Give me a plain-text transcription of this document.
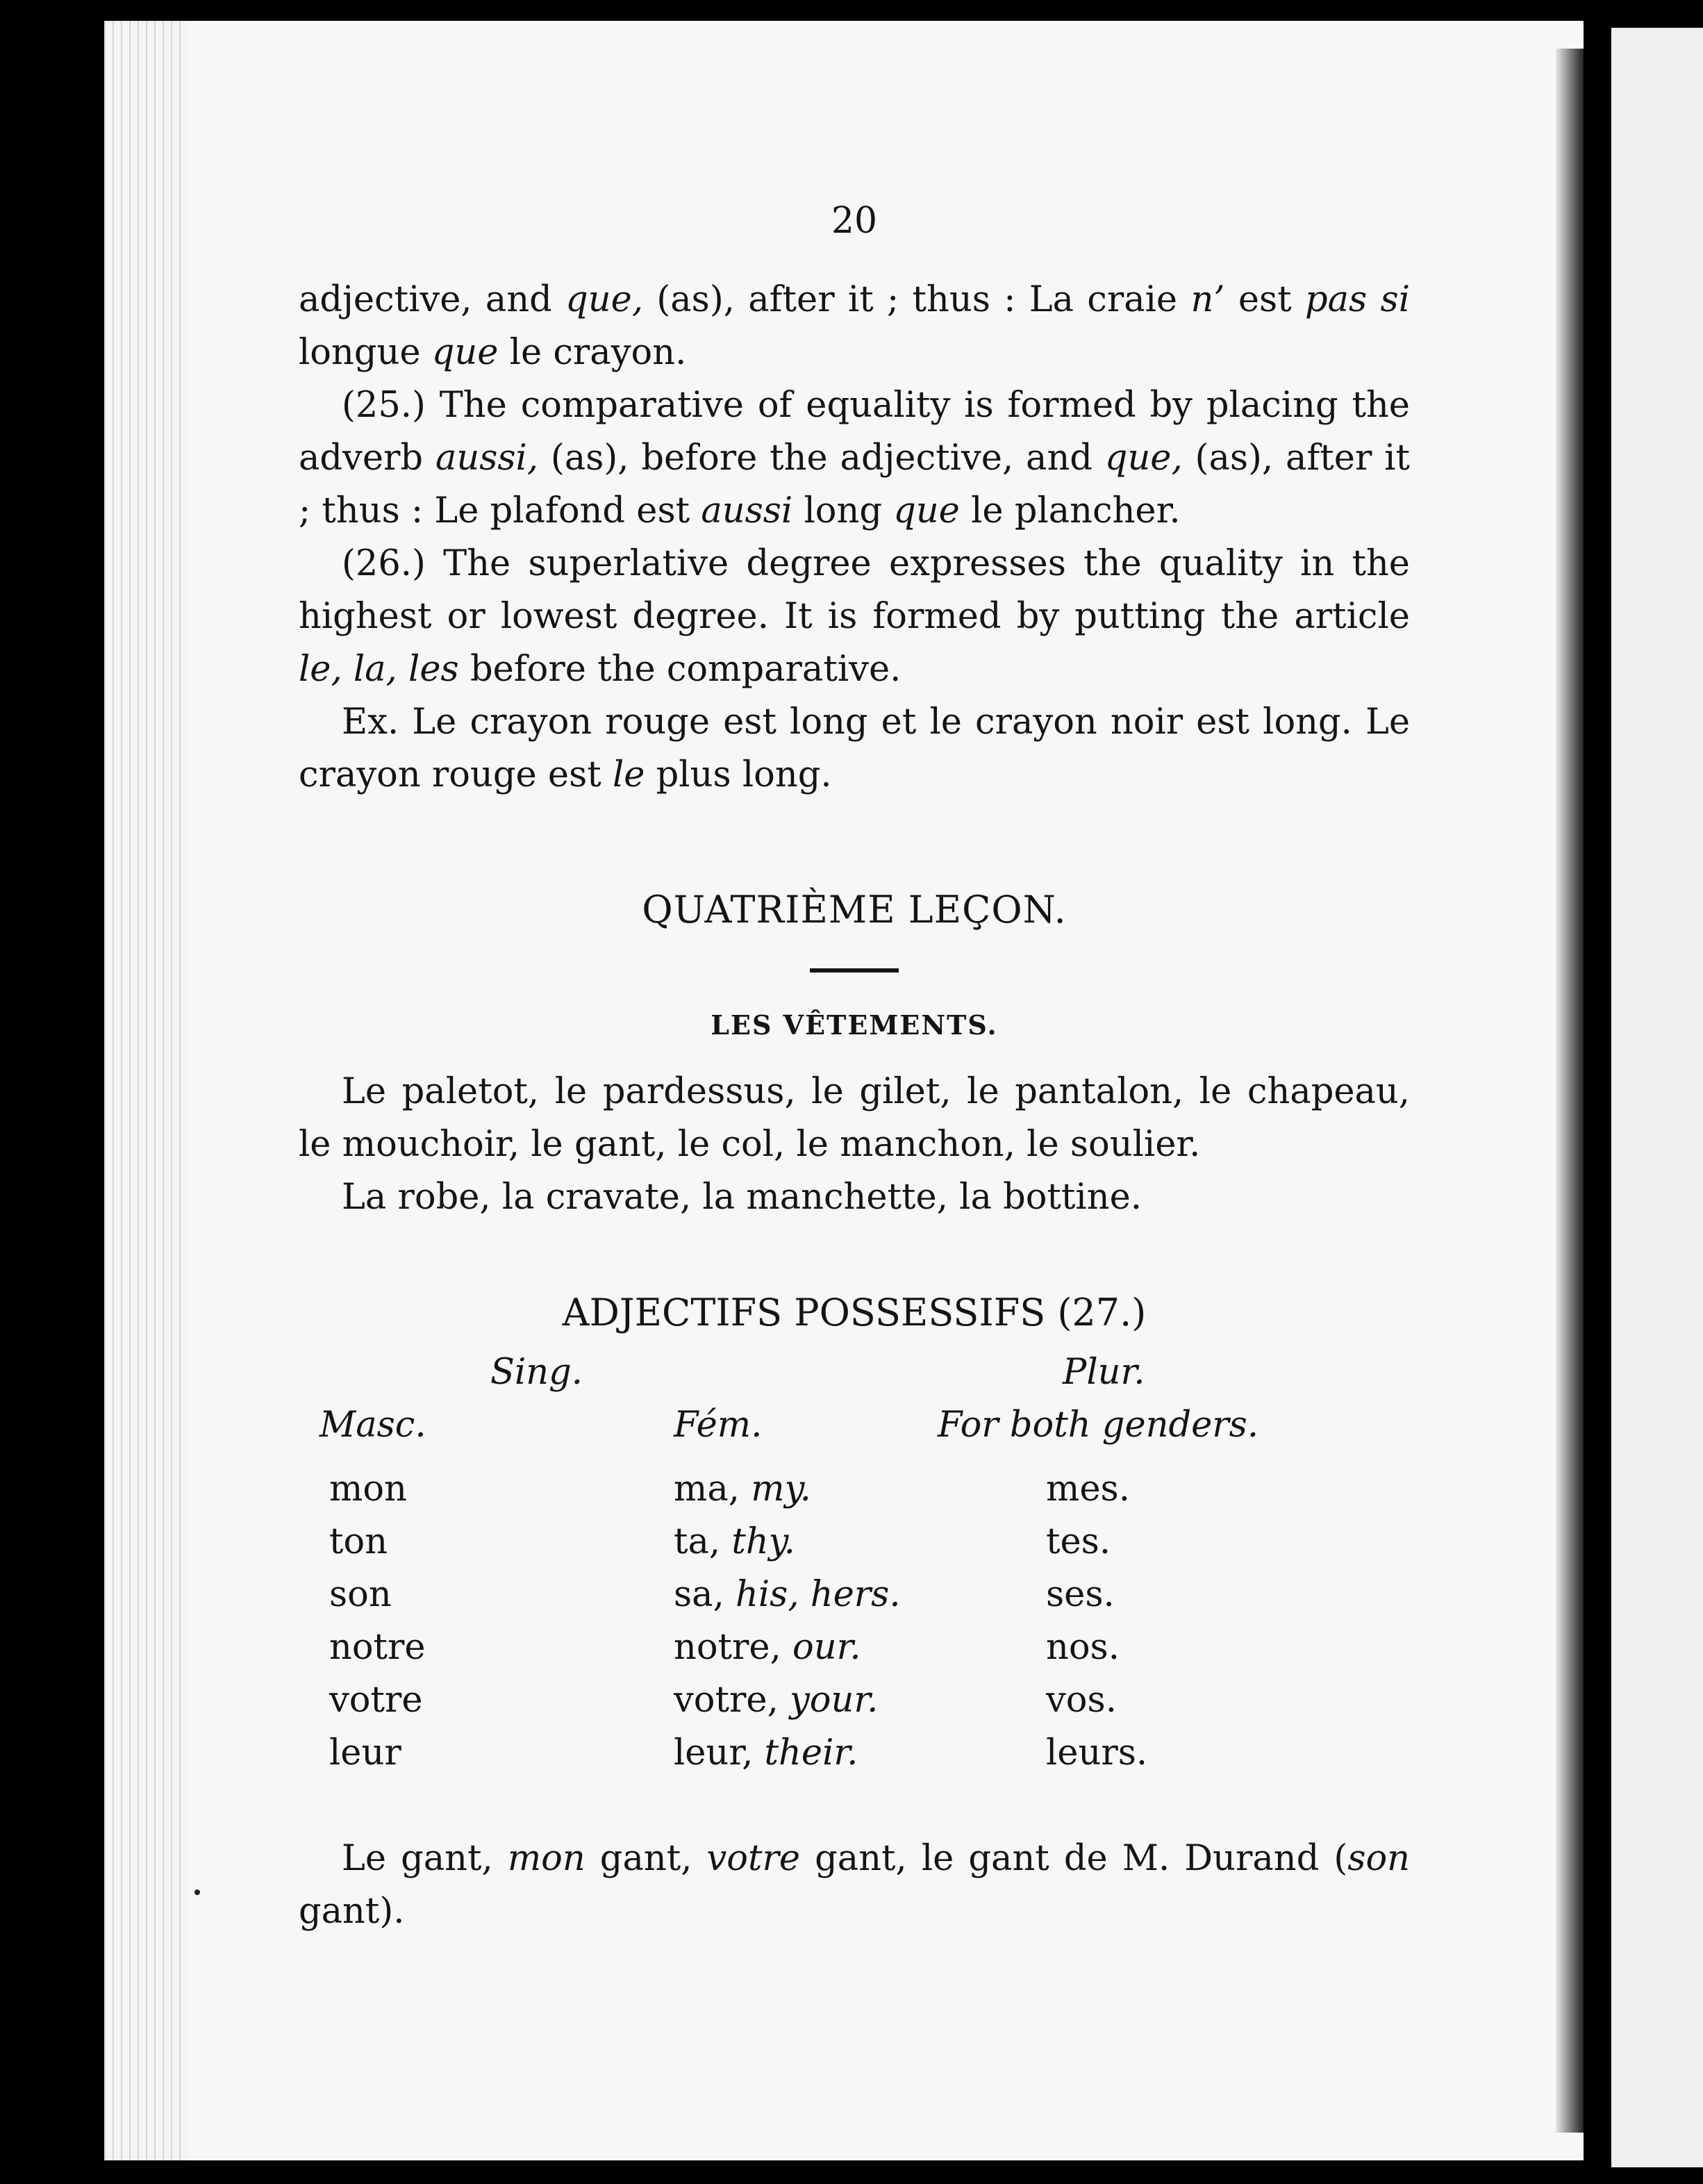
20

adjective, and que, (as), after it ; thus : La craie n’ est pas si longue que le crayon.

(25.) The comparative of equality is formed by placing the adverb aussi, (as), before the adjective, and que, (as), after it ; thus : Le plafond est aussi long que le plancher.

(26.) The superlative degree expresses the quality in the highest or lowest degree. It is formed by putting the article le, la, les before the comparative.

Ex. Le crayon rouge est long et le crayon noir est long. Le crayon rouge est le plus long.

QUATRIÈME LEÇON.
LES VÊTEMENTS.

Le paletot, le pardessus, le gilet, le pantalon, le chapeau, le mouchoir, le gant, le col, le manchon, le soulier.

La robe, la cravate, la manchette, la bottine.

ADJECTIFS POSSESSIFS (27.)
Sing.	Plur.
Masc.	Fém.	For both genders.
mon	ma, my.	mes.
ton	ta, thy.	tes.
son	sa, his, hers.	ses.
notre	notre, our.	nos.
votre	votre, your.	vos.
leur	leur, their.	leurs.

Le gant, mon gant, votre gant, le gant de M. Durand (son gant).
